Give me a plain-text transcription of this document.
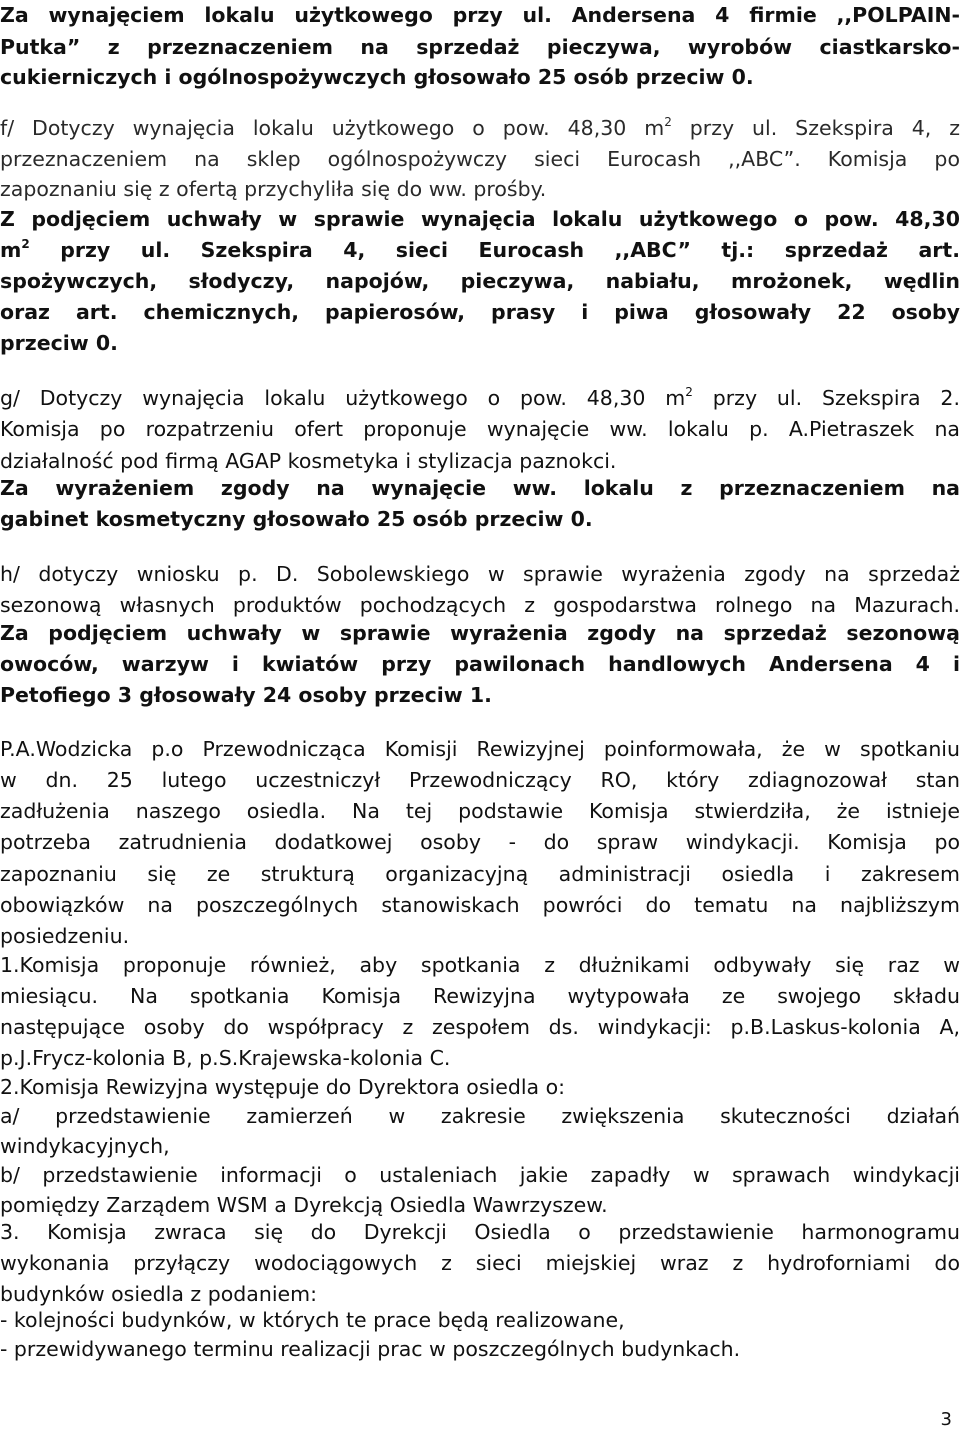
Za wynajęciem lokalu użytkowego przy ul. Andersena 4 firmie ,,POLPAIN-
Putka” z przeznaczeniem na sprzedaż pieczywa, wyrobów ciastkarsko-
cukierniczych i ogólnospożywczych głosowało 25 osób przeciw 0.
f/ Dotyczy wynajęcia lokalu użytkowego o pow. 48,30 $m^2$ przy ul. Szekspira 4, z
przeznaczeniem na sklep ogólnospożywczy sieci Eurocash ,,ABC”. Komisja po
zapoznaniu się z ofertą przychyliła się do ww. prośby.
Z podjęciem uchwały w sprawie wynajęcia lokalu użytkowego o pow. 48,30
$m^2$ przy ul. Szekspira 4, sieci Eurocash ,,ABC” tj.: sprzedaż art.
spożywczych, słodyczy, napojów, pieczywa, nabiału, mrożonek, wędlin
oraz art. chemicznych, papierosów, prasy i piwa głosowały 22 osoby
przeciw 0.
g/ Dotyczy wynajęcia lokalu użytkowego o pow. 48,30 $m^2$ przy ul. Szekspira 2.
Komisja po rozpatrzeniu ofert proponuje wynajęcie ww. lokalu p. A.Pietraszek na
działalność pod firmą AGAP kosmetyka i stylizacja paznokci.
Za wyrażeniem zgody na wynajęcie ww. lokalu z przeznaczeniem na
gabinet kosmetyczny głosowało 25 osób przeciw 0.
h/ dotyczy wniosku p. D. Sobolewskiego w sprawie wyrażenia zgody na sprzedaż
sezonową własnych produktów pochodzących z gospodarstwa rolnego na Mazurach.
Za podjęciem uchwały w sprawie wyrażenia zgody na sprzedaż sezonową
owoców, warzyw i kwiatów przy pawilonach handlowych Andersena 4 i
Petofiego 3 głosowały 24 osoby przeciw 1.
P.A.Wodzicka p.o Przewodnicząca Komisji Rewizyjnej poinformowała, że w spotkaniu
w dn. 25 lutego uczestniczył Przewodniczący RO, który zdiagnozował stan
zadłużenia naszego osiedla. Na tej podstawie Komisja stwierdziła, że istnieje
potrzeba zatrudnienia dodatkowej osoby - do spraw windykacji. Komisja po
zapoznaniu się ze strukturą organizacyjną administracji osiedla i zakresem
obowiązków na poszczególnych stanowiskach powróci do tematu na najbliższym
posiedzeniu.
1.Komisja proponuje również, aby spotkania z dłużnikami odbywały się raz w
miesiącu. Na spotkania Komisja Rewizyjna wytypowała ze swojego składu
następujące osoby do współpracy z zespołem ds. windykacji: p.B.Laskus-kolonia A,
p.J.Frycz-kolonia B, p.S.Krajewska-kolonia C.
2.Komisja Rewizyjna występuje do Dyrektora osiedla o:
a/ przedstawienie zamierzeń w zakresie zwiększenia skuteczności działań
windykacyjnych,
b/ przedstawienie informacji o ustaleniach jakie zapadły w sprawach windykacji
pomiędzy Zarządem WSM a Dyrekcją Osiedla Wawrzyszew.
3. Komisja zwraca się do Dyrekcji Osiedla o przedstawienie harmonogramu
wykonania przyłączy wodociągowych z sieci miejskiej wraz z hydroforniami do
budynków osiedla z podaniem:
- kolejności budynków, w których te prace będą realizowane,
- przewidywanego terminu realizacji prac w poszczególnych budynkach.
3
